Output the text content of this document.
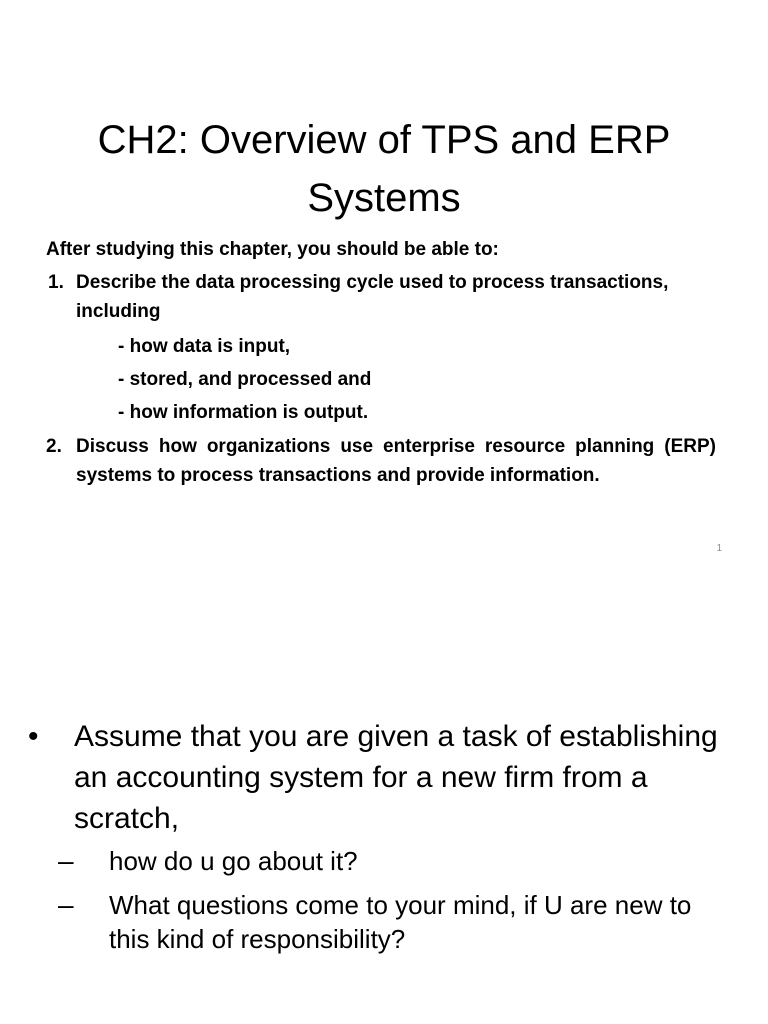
CH2: Overview of TPS and ERP
Systems
After studying this chapter, you should be able to:
1. Describe the data processing cycle used to process transactions, including
- how data is input,
- stored, and processed and
- how information is output.
2. Discuss how organizations use enterprise resource planning (ERP) systems to process transactions and provide information.
1
• Assume that you are given a task of establishing an accounting system for a new firm from a scratch,
– how do u go about it?
– What questions come to your mind, if U are new to this kind of responsibility?
